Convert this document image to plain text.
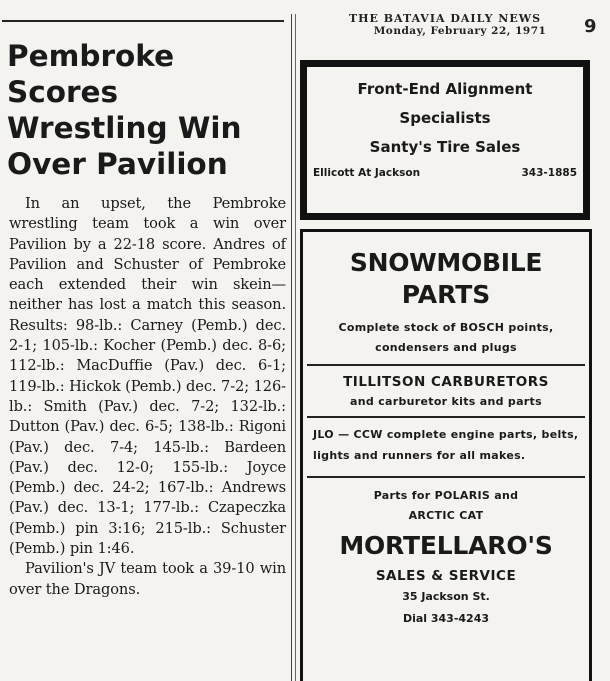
Pembroke Scores
Wrestling Win
Over Pavilion

In an upset, the Pembroke wrestling team took a win over Pavilion by a 22-18 score. Andres of Pavilion and Schuster of Pembroke each extended their win skein—neither has lost a match this season. Results: 98-lb.: Carney (Pemb.) dec. 2-1; 105-lb.: Kocher (Pemb.) dec. 8-6; 112-lb.: MacDuffie (Pav.) dec. 6-1; 119-lb.: Hickok (Pemb.) dec. 7-2; 126-lb.: Smith (Pav.) dec. 7-2; 132-lb.: Dutton (Pav.) dec. 6-5; 138-lb.: Rigoni (Pav.) dec. 7-4; 145-lb.: Bardeen (Pav.) dec. 12-0; 155-lb.: Joyce (Pemb.) dec. 24-2; 167-lb.: Andrews (Pav.) dec. 13-1; 177-lb.: Czapeczka (Pemb.) pin 3:16; 215-lb.: Schuster (Pemb.) pin 1:46.

Pavilion's JV team took a 39-10 win over the Dragons.

THE BATAVIA DAILY NEWS
Monday, February 22, 1971	9
Front-End Alignment
Specialists
Santy's Tire Sales
Ellicott At Jackson	343-1885
SNOWMOBILE
PARTS
Complete stock of BOSCH points, condensers and plugs
TILLITSON CARBURETORS
and carburetor kits and parts
JLO — CCW complete engine parts, belts, lights and runners for all makes.
Parts for POLARIS and
ARCTIC CAT
MORTELLARO'S
SALES & SERVICE
35 Jackson St.
Dial 343-4243
